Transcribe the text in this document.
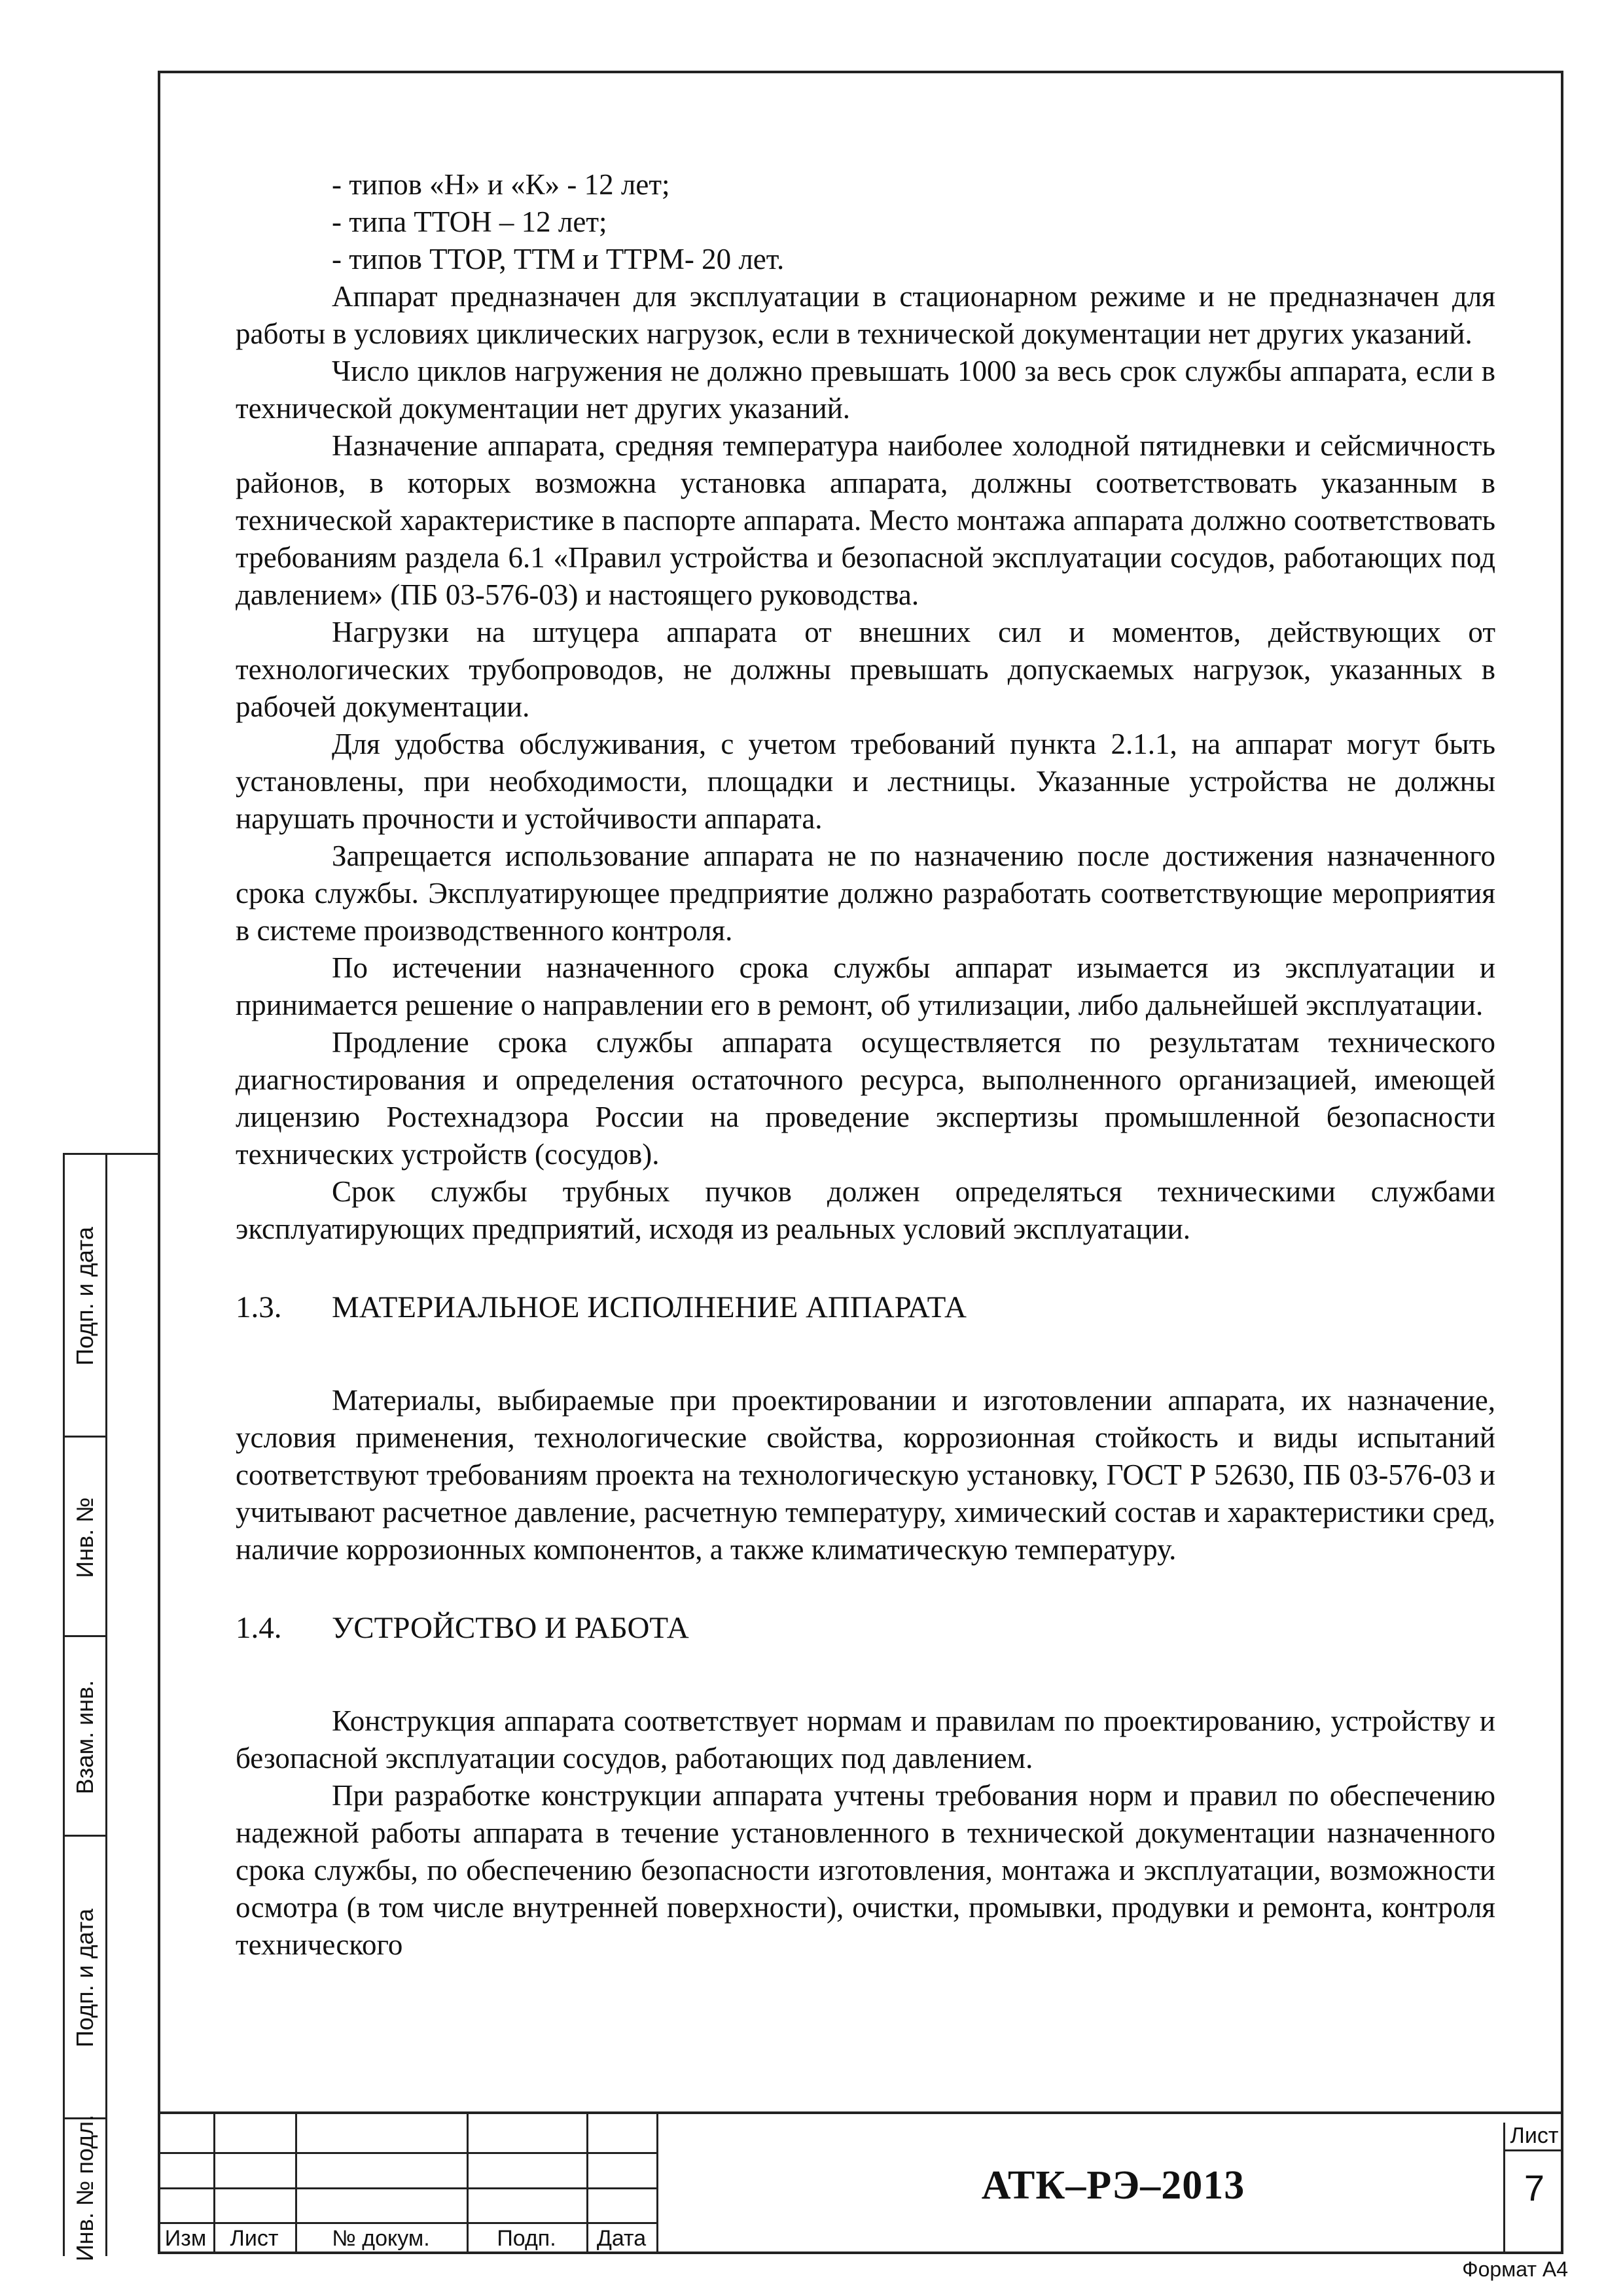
- типов «Н» и «К» - 12 лет;

- типа ТТОН – 12 лет;

- типов ТТОР, ТТМ и ТТРМ- 20 лет.

Аппарат предназначен для эксплуатации в стационарном режиме и не предназначен для работы в условиях циклических нагрузок, если в технической документации нет других указаний.

Число циклов нагружения не должно превышать 1000 за весь срок службы аппарата, если в технической документации нет других указаний.

Назначение аппарата, средняя температура наиболее холодной пятидневки и сейсмичность районов, в которых возможна установка аппарата, должны соответствовать указанным в технической характеристике в паспорте аппарата. Место монтажа аппарата должно соответствовать требованиям раздела 6.1 «Правил устройства и безопасной эксплуатации сосудов, работающих под давлением» (ПБ 03-576-03) и настоящего руководства.

Нагрузки на штуцера аппарата от внешних сил и моментов, действующих от технологических трубопроводов, не должны превышать допускаемых нагрузок, указанных в рабочей документации.

Для удобства обслуживания, с учетом требований пункта 2.1.1, на аппарат могут быть установлены, при необходимости, площадки и лестницы. Указанные устройства не должны нарушать прочности и устойчивости аппарата.

Запрещается использование аппарата не по назначению после достижения назначенного срока службы. Эксплуатирующее предприятие должно разработать соответствующие мероприятия в системе производственного контроля.

По истечении назначенного срока службы аппарат изымается из эксплуатации и принимается решение о направлении его в ремонт, об утилизации, либо дальнейшей эксплуатации.

Продление срока службы аппарата осуществляется по результатам технического диагностирования и определения остаточного ресурса, выполненного организацией, имеющей лицензию Ростехнадзора России на проведение экспертизы промышленной безопасности технических устройств (сосудов).

Срок службы трубных пучков должен определяться техническими службами эксплуатирующих предприятий, исходя из реальных условий эксплуатации.

1.3.	МАТЕРИАЛЬНОЕ ИСПОЛНЕНИЕ АППАРАТА

Материалы, выбираемые при проектировании и изготовлении аппарата, их назначение, условия применения, технологические свойства, коррозионная стойкость и виды испытаний соответствуют требованиям проекта на технологическую установку, ГОСТ Р 52630, ПБ 03-576-03 и учитывают расчетное давление, расчетную температуру, химический состав и характеристики сред, наличие коррозионных компонентов, а также климатическую температуру.

1.4.	УСТРОЙСТВО И РАБОТА

Конструкция аппарата соответствует нормам и правилам по проектированию, устройству и безопасной эксплуатации сосудов, работающих под давлением.

При разработке конструкции аппарата учтены требования норм и правил по обеспечению надежной работы аппарата в течение установленного в технической документации назначенного срока службы, по обеспечению безопасности изготовления, монтажа и эксплуатации, возможности осмотра (в том числе внутренней поверхности), очистки, промывки, продувки и ремонта, контроля технического

Подп. и дата
Инв. №
Взам. инв.
Подп. и дата
Инв. № подл.	Изм	Лист	№ докум.	Подп.	Дата
АТК–РЭ–2013
Лист
7
Формат А4
